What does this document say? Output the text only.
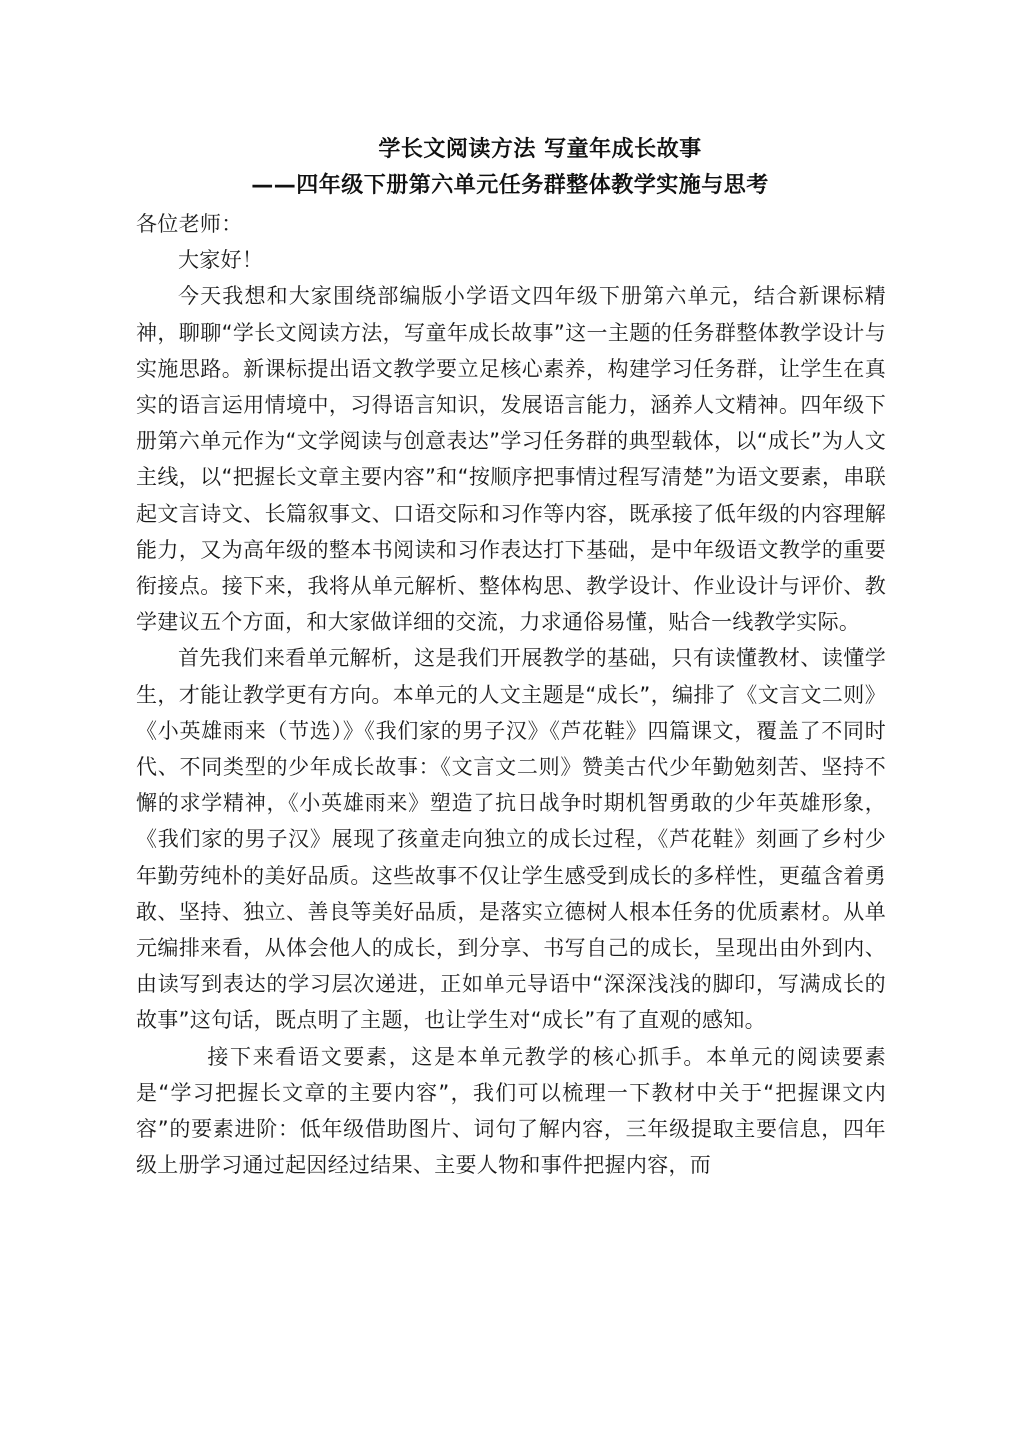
学长文阅读方法 写童年成长故事
——四年级下册第六单元任务群整体教学实施与思考

各位老师：

大家好！

今天我想和大家围绕部编版小学语文四年级下册第六单元，结合新课标精神，聊聊“学长文阅读方法，写童年成长故事”这一主题的任务群整体教学设计与实施思路。新课标提出语文教学要立足核心素养，构建学习任务群，让学生在真实的语言运用情境中，习得语言知识，发展语言能力，涵养人文精神。四年级下册第六单元作为“文学阅读与创意表达”学习任务群的典型载体，以“成长”为人文主线，以“把握长文章主要内容”和“按顺序把事情过程写清楚”为语文要素，串联起文言诗文、长篇叙事文、口语交际和习作等内容，既承接了低年级的内容理解能力，又为高年级的整本书阅读和习作表达打下基础，是中年级语文教学的重要衔接点。接下来，我将从单元解析、整体构思、教学设计、作业设计与评价、教学建议五个方面，和大家做详细的交流，力求通俗易懂，贴合一线教学实际。

首先我们来看单元解析，这是我们开展教学的基础，只有读懂教材、读懂学生，才能让教学更有方向。本单元的人文主题是“成长”，编排了《文言文二则》《小英雄雨来（节选）》《我们家的男子汉》《芦花鞋》四篇课文，覆盖了不同时代、不同类型的少年成长故事：《文言文二则》赞美古代少年勤勉刻苦、坚持不懈的求学精神，《小英雄雨来》塑造了抗日战争时期机智勇敢的少年英雄形象，《我们家的男子汉》展现了孩童走向独立的成长过程，《芦花鞋》刻画了乡村少年勤劳纯朴的美好品质。这些故事不仅让学生感受到成长的多样性，更蕴含着勇敢、坚持、独立、善良等美好品质，是落实立德树人根本任务的优质素材。从单元编排来看，从体会他人的成长，到分享、书写自己的成长，呈现出由外到内、由读写到表达的学习层次递进，正如单元导语中“深深浅浅的脚印，写满成长的故事”这句话，既点明了主题，也让学生对“成长”有了直观的感知。

接下来看语文要素，这是本单元教学的核心抓手。本单元的阅读要素是“学习把握长文章的主要内容”，我们可以梳理一下教材中关于“把握课文内容”的要素进阶：低年级借助图片、词句了解内容，三年级提取主要信息，四年级上册学习通过起因经过结果、主要人物和事件把握内容，而
